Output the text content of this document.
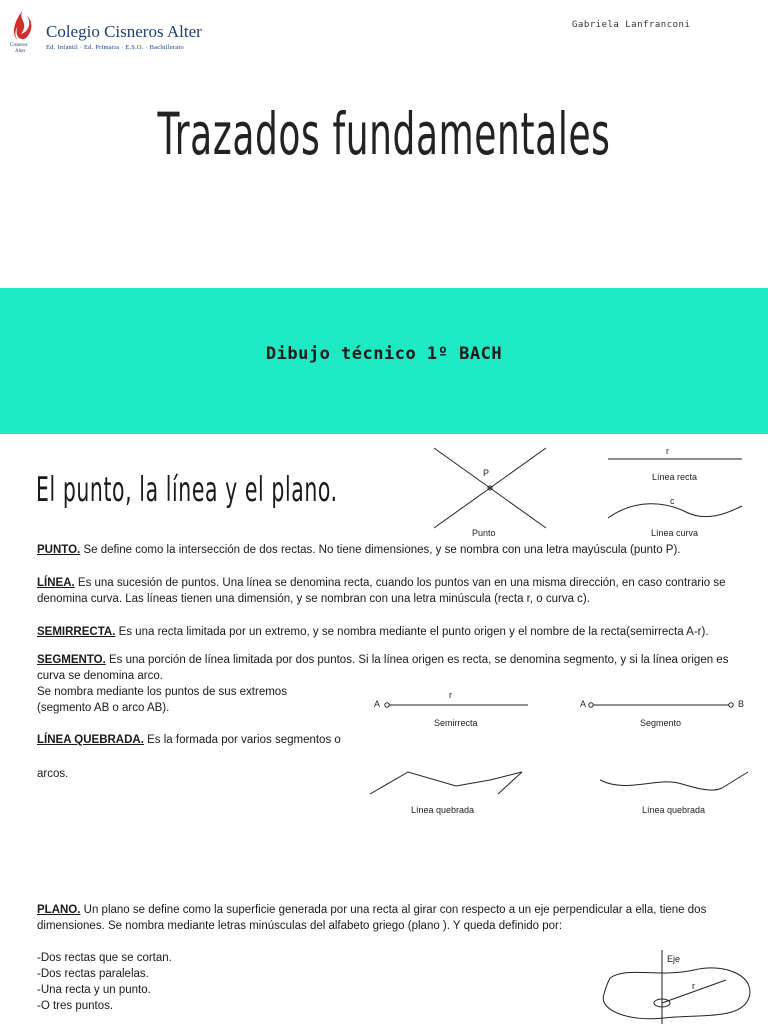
Cisneros
Alter
Colegio Cisneros Alter
Ed. Infantil · Ed. Primaria · E.S.O. · Bachillerato
Gabriela Lanfranconi
Trazados fundamentales
Dibujo técnico 1º BACH
El punto, la línea y el plano.	P
Punto
r
Línea recta
c
Línea curva
PUNTO. Se define como la intersección de dos rectas. No tiene dimensiones, y se nombra con una letra mayúscula (punto P).
LÍNEA. Es una sucesión de puntos. Una línea se denomina recta, cuando los puntos van en una misma dirección, en caso contrario se denomina curva. Las líneas tienen una dimensión, y se nombran con una letra minúscula (recta r, o curva c).
SEMIRRECTA. Es una recta limitada por un extremo, y se nombra mediante el punto origen y el nombre de la recta(semirrecta A-r).
SEGMENTO. Es una porción de línea limitada por dos puntos. Si la línea origen es recta, se denomina segmento, y si la línea origen es curva se denomina arco.
Se nombra mediante los puntos de sus extremos
(segmento AB o arco AB).	A
r
Semirrecta
A	B
Segmento
LÍNEA QUEBRADA. Es la formada por varios segmentos o
arcos.
Línea quebrada	Línea quebrada
PLANO. Un plano se define como la superficie generada por una recta al girar con respecto a un eje perpendicular a ella, tiene dos dimensiones. Se nombra mediante letras minúsculas del alfabeto griego (plano ). Y queda definido por:
-Dos rectas que se cortan.
-Dos rectas paralelas.
-Una recta y un punto.
-O tres puntos.
Eje
r
